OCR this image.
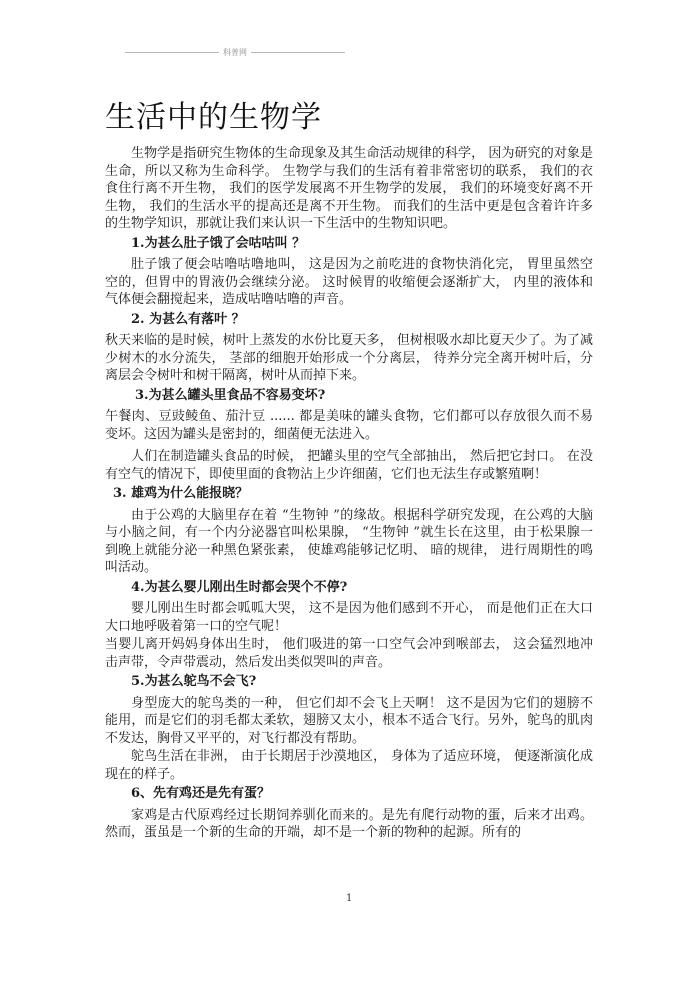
科普网
生活中的生物学

生物学是指研究生物体的生命现象及其生命活动规律的科学， 因为研究的对象是生命，所以又称为生命科学。 生物学与我们的生活有着非常密切的联系， 我们的衣食住行离不开生物， 我们的医学发展离不开生物学的发展， 我们的环境变好离不开生物， 我们的生活水平的提高还是离不开生物。 而我们的生活中更是包含着许许多的生物学知识，那就让我们来认识一下生活中的生物知识吧。

1.为甚么肚子饿了会咕咕叫 ？

肚子饿了便会咕噜咕噜地叫， 这是因为之前吃进的食物快消化完， 胃里虽然空空的，但胃中的胃液仍会继续分泌。 这时候胃的收缩便会逐渐扩大， 内里的液体和气体便会翻搅起来，造成咕噜咕噜的声音。

2. 为甚么有落叶 ？

秋天来临的是时候，树叶上蒸发的水份比夏天多， 但树根吸水却比夏天少了。为了减少树木的水分流失， 茎部的细胞开始形成一个分离层， 待养分完全离开树叶后，分离层会令树叶和树干隔离，树叶从而掉下来。

3.为甚么罐头里食品不容易变坏?

午餐肉、豆豉鲮鱼、茄汁豆 ...... 都是美味的罐头食物，它们都可以存放很久而不易变坏。这因为罐头是密封的，细菌便无法进入。

人们在制造罐头食品的时候， 把罐头里的空气全部抽出， 然后把它封口。 在没有空气的情况下，即使里面的食物沾上少许细菌，它们也无法生存或繁殖啊！

3. 雄鸡为什么能报晓？

由于公鸡的大脑里存在着 “生物钟 ”的缘故。根据科学研究发现，在公鸡的大脑与小脑之间，有一个内分泌器官叫松果腺， “生物钟 ”就生长在这里，由于松果腺一到晚上就能分泌一种黑色紧张素， 使雄鸡能够记忆明、 暗的规律， 进行周期性的鸣叫活动。

4.为甚么婴儿刚出生时都会哭个不停?

婴儿刚出生时都会呱呱大哭， 这不是因为他们感到不开心， 而是他们正在大口大口地呼吸着第一口的空气呢！

当婴儿离开妈妈身体出生时， 他们吸进的第一口空气会冲到喉部去， 这会猛烈地冲击声带，令声带震动，然后发出类似哭叫的声音。

5.为甚么鸵鸟不会飞?

身型庞大的鸵鸟类的一种， 但它们却不会飞上天啊！ 这不是因为它们的翅膀不能用，而是它们的羽毛都太柔软，翅膀又太小，根本不适合飞行。另外，鸵鸟的肌肉不发达，胸骨又平平的，对飞行都没有帮助。

鸵鸟生活在非洲， 由于长期居于沙漠地区， 身体为了适应环境， 便逐渐演化成现在的样子。

6、先有鸡还是先有蛋？

家鸡是古代原鸡经过长期饲养驯化而来的。是先有爬行动物的蛋，后来才出鸡。然而，蛋虽是一个新的生命的开端，却不是一个新的物种的起源。所有的

1
